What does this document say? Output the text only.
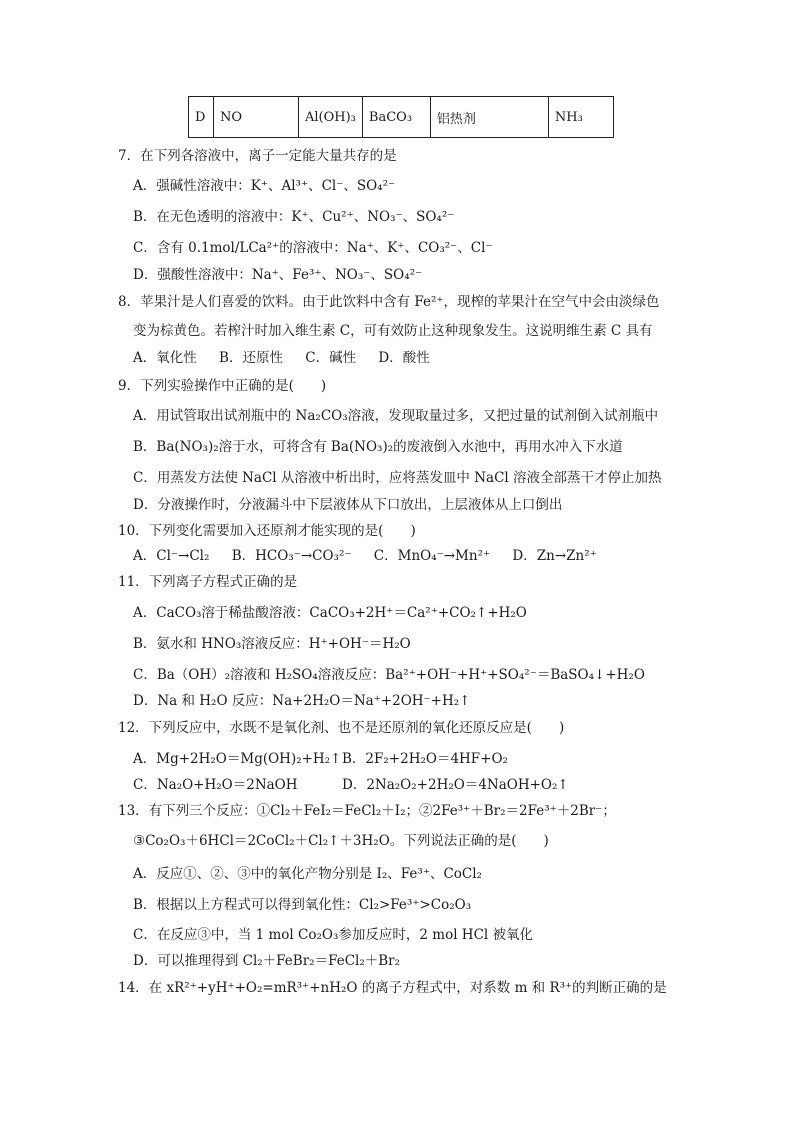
D	NO	Al(OH)₃	BaCO₃	铝热剂	NH₃
7．在下列各溶液中，离子一定能大量共存的是
A．强碱性溶液中：K⁺、Al³⁺、Cl⁻、SO₄²⁻
B．在无色透明的溶液中：K⁺、Cu²⁺、NO₃⁻、SO₄²⁻
C．含有 0.1mol/LCa²⁺的溶液中：Na⁺、K⁺、CO₃²⁻、Cl⁻
D．强酸性溶液中：Na⁺、Fe³⁺、NO₃⁻、SO₄²⁻
8．苹果汁是人们喜爱的饮料。由于此饮料中含有 Fe²⁺，现榨的苹果汁在空气中会由淡绿色
变为棕黄色。若榨汁时加入维生素 C，可有效防止这种现象发生。这说明维生素 C 具有
A．氧化性 B．还原性 C．碱性 D．酸性
9．下列实验操作中正确的是(　　)
A．用试管取出试剂瓶中的 Na₂CO₃溶液，发现取量过多，又把过量的试剂倒入试剂瓶中
B．Ba(NO₃)₂溶于水，可将含有 Ba(NO₃)₂的废液倒入水池中，再用水冲入下水道
C．用蒸发方法使 NaCl 从溶液中析出时，应将蒸发皿中 NaCl 溶液全部蒸干才停止加热
D．分液操作时，分液漏斗中下层液体从下口放出，上层液体从上口倒出
10．下列变化需要加入还原剂才能实现的是(　　)
A．Cl⁻→Cl₂ B．HCO₃⁻→CO₃²⁻ C．MnO₄⁻→Mn²⁺ D．Zn→Zn²⁺
11．下列离子方程式正确的是
A．CaCO₃溶于稀盐酸溶液：CaCO₃+2H⁺＝Ca²⁺+CO₂↑+H₂O
B．氨水和 HNO₃溶液反应：H⁺+OH⁻＝H₂O
C．Ba（OH）₂溶液和 H₂SO₄溶液反应：Ba²⁺+OH⁻+H⁺+SO₄²⁻＝BaSO₄↓+H₂O
D．Na 和 H₂O 反应：Na+2H₂O＝Na⁺+2OH⁻+H₂↑
12．下列反应中，水既不是氧化剂、也不是还原剂的氧化还原反应是(　　)
A．Mg+2H₂O＝Mg(OH)₂+H₂↑ B．2F₂+2H₂O＝4HF+O₂
C．Na₂O+H₂O＝2NaOH	D．2Na₂O₂+2H₂O＝4NaOH+O₂↑
13．有下列三个反应：①Cl₂＋FeI₂＝FeCl₂＋I₂；②2Fe³⁺＋Br₂＝2Fe³⁺＋2Br⁻；
③Co₂O₃＋6HCl＝2CoCl₂＋Cl₂↑＋3H₂O。下列说法正确的是(　　)
A．反应①、②、③中的氧化产物分别是 I₂、Fe³⁺、CoCl₂
B．根据以上方程式可以得到氧化性：Cl₂>Fe³⁺>Co₂O₃
C．在反应③中，当 1 mol Co₂O₃参加反应时，2 mol HCl 被氧化
D．可以推理得到 Cl₂＋FeBr₂＝FeCl₂＋Br₂
14．在 xR²⁺+yH⁺+O₂=mR³⁺+nH₂O 的离子方程式中，对系数 m 和 R³⁺的判断正确的是
